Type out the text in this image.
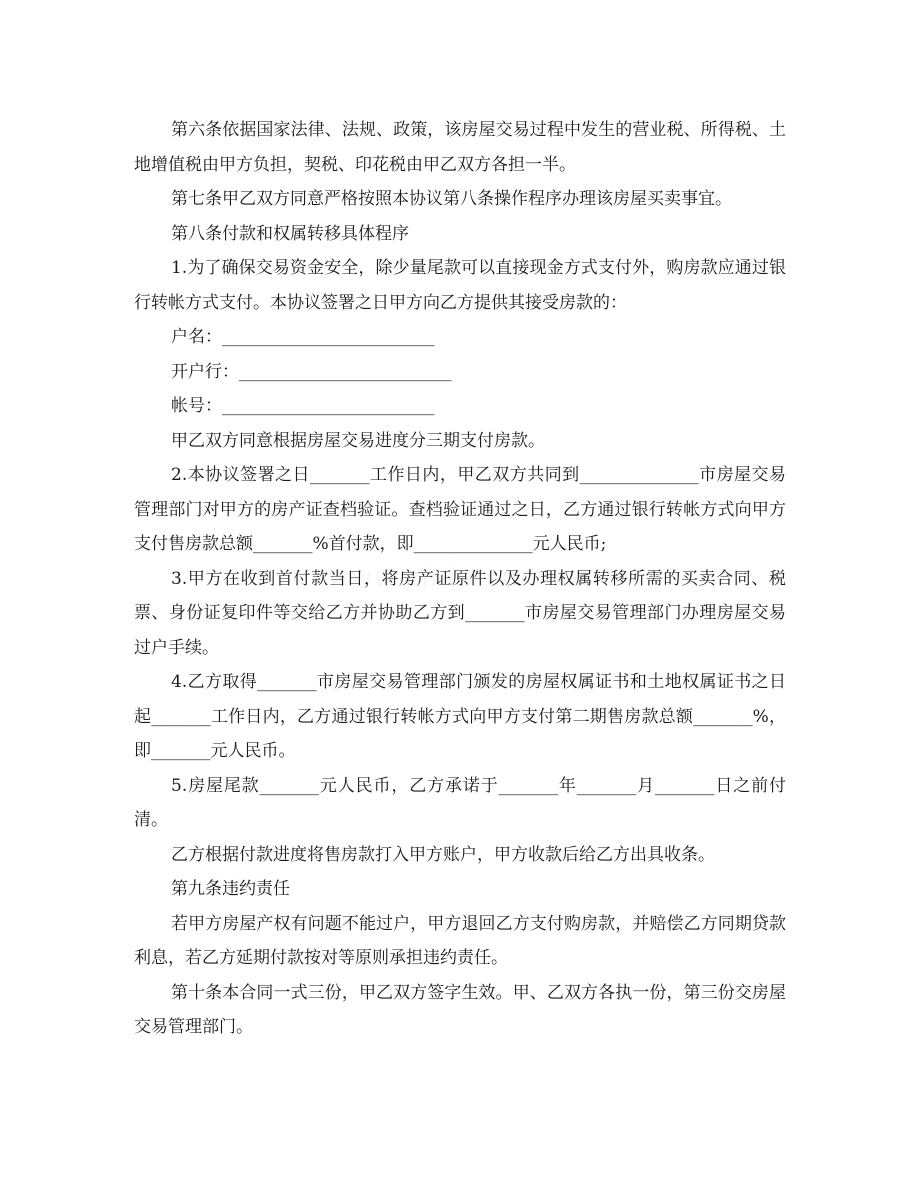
第六条依据国家法律、法规、政策，该房屋交易过程中发生的营业税、所得税、土地增值税由甲方负担，契税、印花税由甲乙双方各担一半。

第七条甲乙双方同意严格按照本协议第八条操作程序办理该房屋买卖事宜。

第八条付款和权属转移具体程序

1.为了确保交易资金安全，除少量尾款可以直接现金方式支付外，购房款应通过银行转帐方式支付。本协议签署之日甲方向乙方提供其接受房款的：

户名：_________________________

开户行：_________________________

帐号：_________________________

甲乙双方同意根据房屋交易进度分三期支付房款。

2.本协议签署之日_______工作日内，甲乙双方共同到______________市房屋交易管理部门对甲方的房产证查档验证。查档验证通过之日，乙方通过银行转帐方式向甲方支付售房款总额_______%首付款，即______________元人民币;

3.甲方在收到首付款当日，将房产证原件以及办理权属转移所需的买卖合同、税票、身份证复印件等交给乙方并协助乙方到_______市房屋交易管理部门办理房屋交易过户手续。

4.乙方取得_______市房屋交易管理部门颁发的房屋权属证书和土地权属证书之日起_______工作日内，乙方通过银行转帐方式向甲方支付第二期售房款总额_______%，即_______元人民币。

5.房屋尾款_______元人民币，乙方承诺于_______年_______月_______日之前付清。

乙方根据付款进度将售房款打入甲方账户，甲方收款后给乙方出具收条。

第九条违约责任

若甲方房屋产权有问题不能过户，甲方退回乙方支付购房款，并赔偿乙方同期贷款利息，若乙方延期付款按对等原则承担违约责任。

第十条本合同一式三份，甲乙双方签字生效。甲、乙双方各执一份，第三份交房屋交易管理部门。
